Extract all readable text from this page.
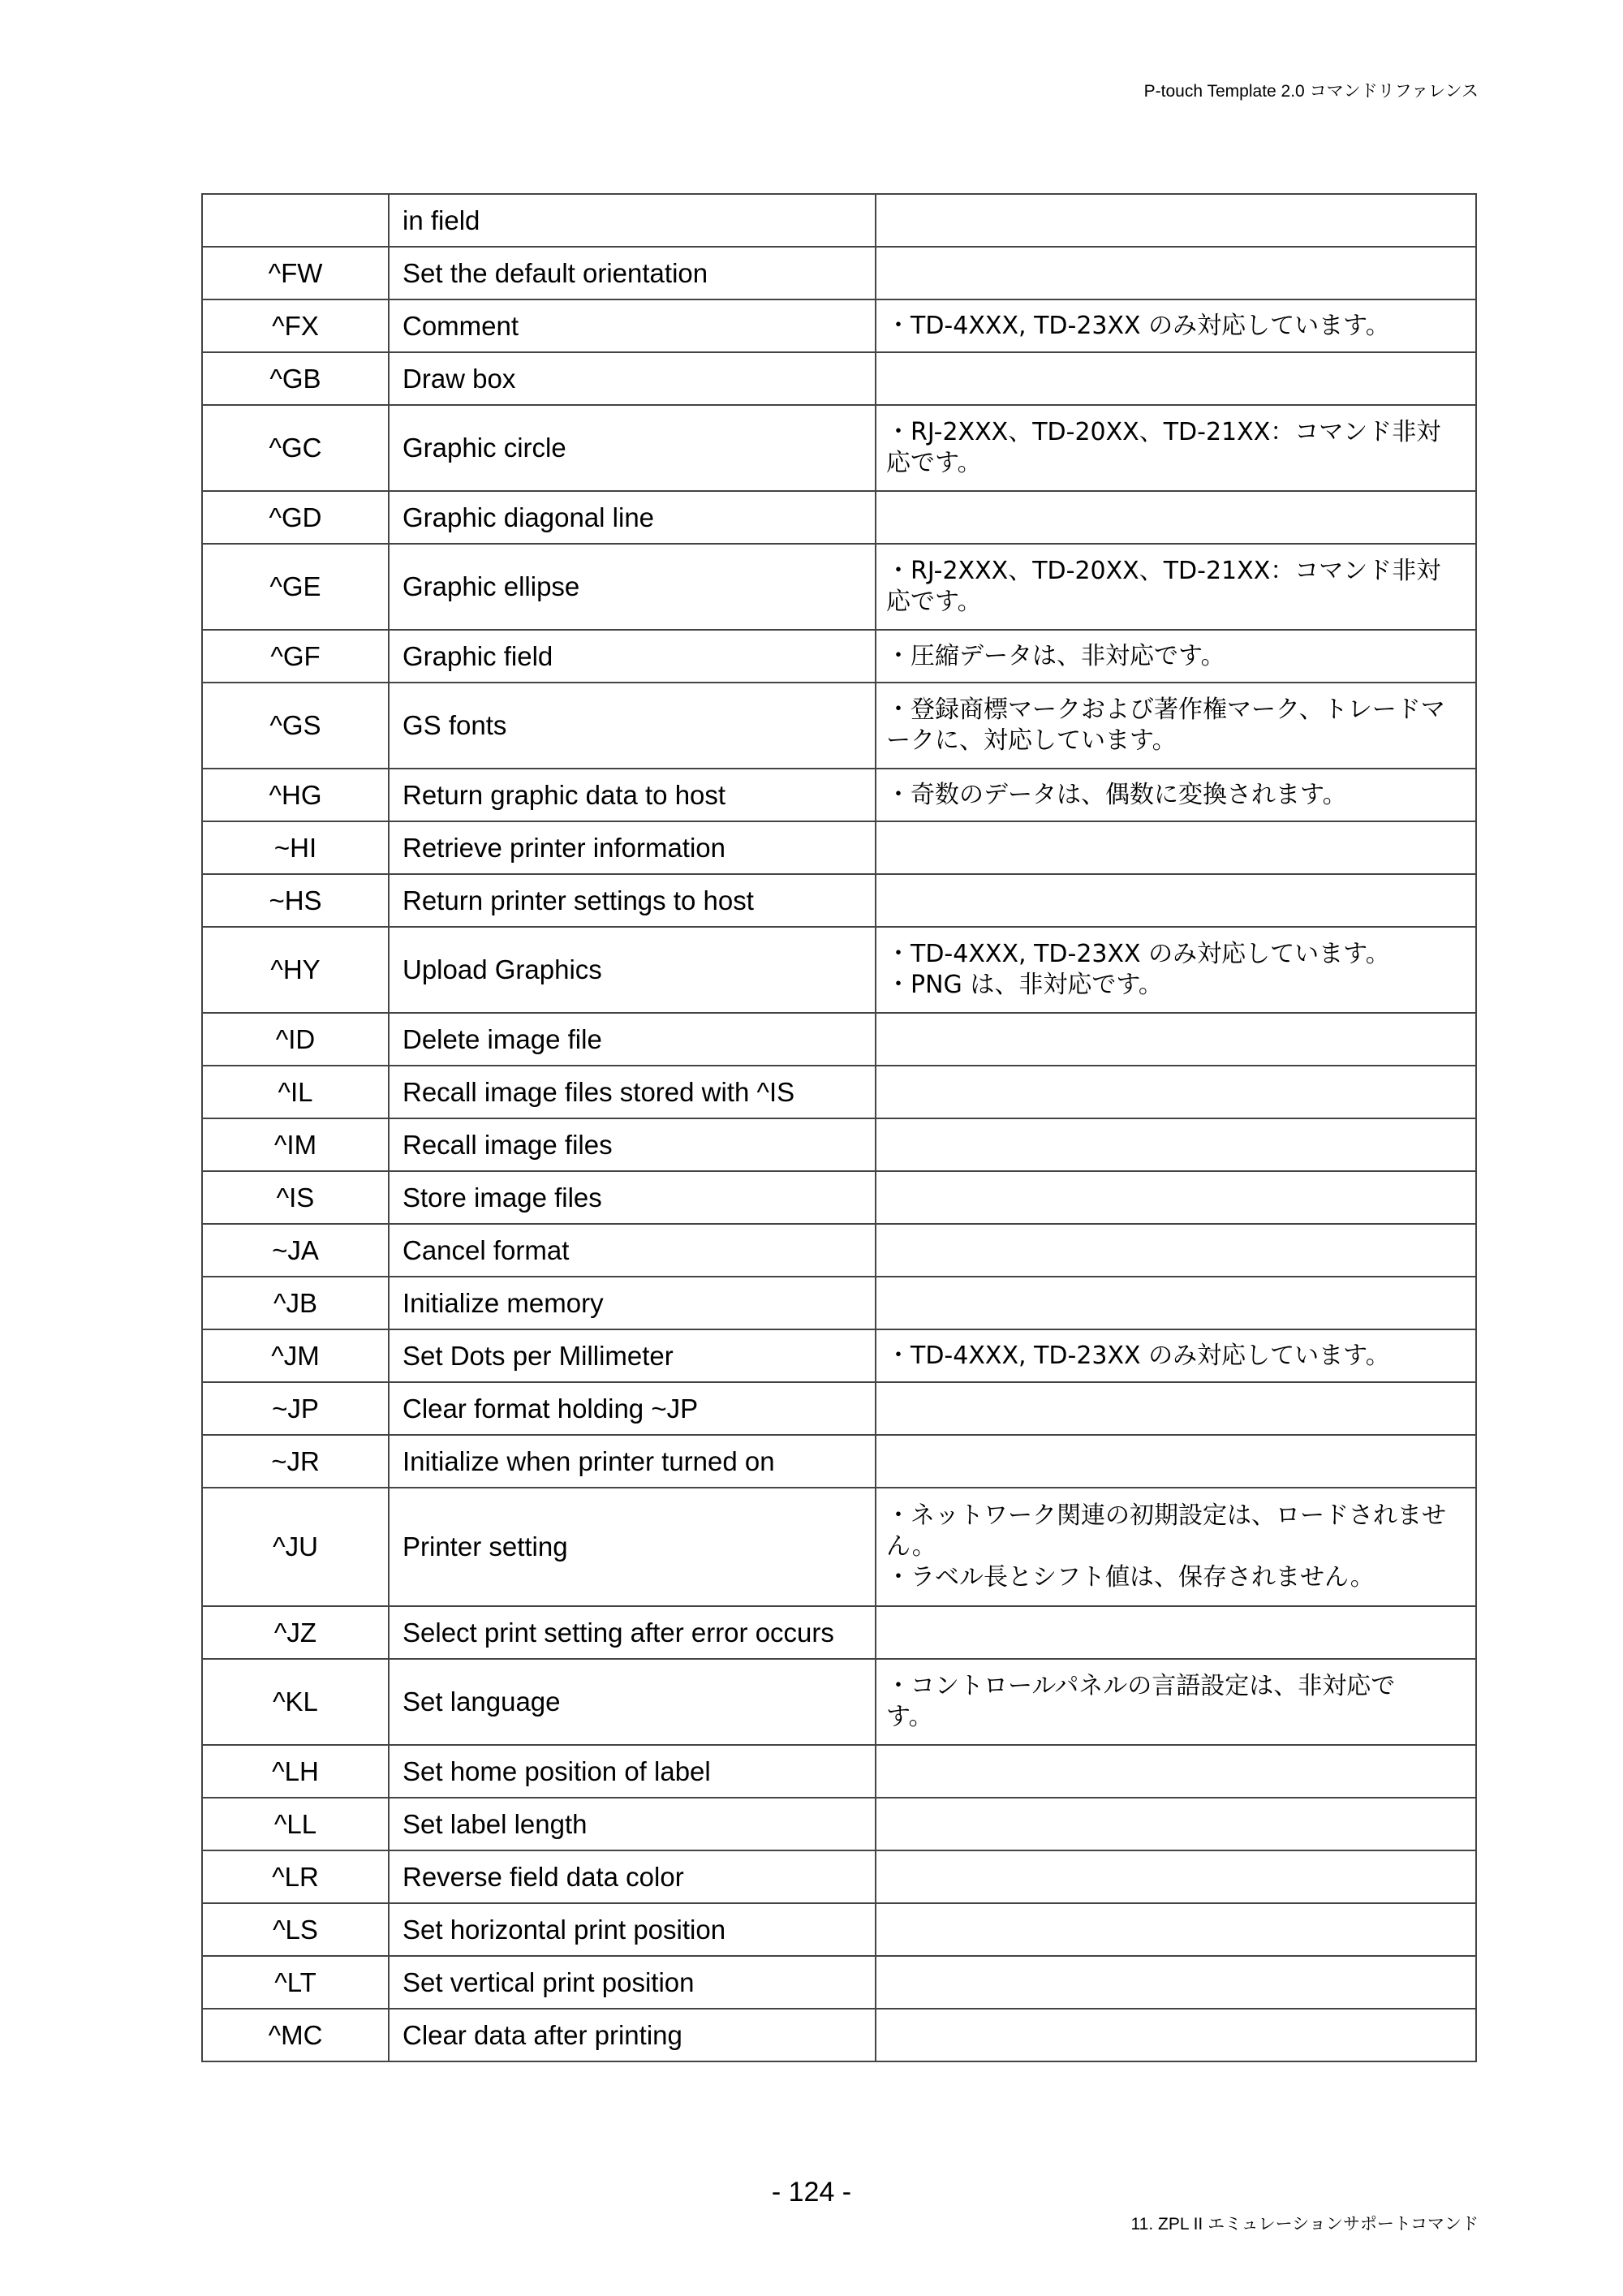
P-touch Template 2.0 コマンドリファレンス
	in field	
^FW	Set the default orientation	
^FX	Comment	・TD-4XXX, TD-23XX のみ対応しています。
^GB	Draw box	
^GC	Graphic circle	・RJ-2XXX、TD-20XX、TD-21XX：コマンド非対
応です。
^GD	Graphic diagonal line	
^GE	Graphic ellipse	・RJ-2XXX、TD-20XX、TD-21XX：コマンド非対
応です。
^GF	Graphic field	・圧縮データは、非対応です。
^GS	GS fonts	・登録商標マークおよび著作権マーク、トレードマ
ークに、対応しています。
^HG	Return graphic data to host	・奇数のデータは、偶数に変換されます。
~HI	Retrieve printer information	
~HS	Return printer settings to host	
^HY	Upload Graphics	・TD-4XXX, TD-23XX のみ対応しています。
・PNG は、非対応です。
^ID	Delete image file	
^IL	Recall image files stored with ^IS	
^IM	Recall image files	
^IS	Store image files	
~JA	Cancel format	
^JB	Initialize memory	
^JM	Set Dots per Millimeter	・TD-4XXX, TD-23XX のみ対応しています。
~JP	Clear format holding ~JP	
~JR	Initialize when printer turned on	
^JU	Printer setting	・ネットワーク関連の初期設定は、ロードされませ
ん。
・ラベル長とシフト値は、保存されません。
^JZ	Select print setting after error occurs	
^KL	Set language	・コントロールパネルの言語設定は、非対応で
す。
^LH	Set home position of label	
^LL	Set label length	
^LR	Reverse field data color	
^LS	Set horizontal print position	
^LT	Set vertical print position	
^MC	Clear data after printing	
- 124 -
11. ZPL II エミュレーションサポートコマンド
